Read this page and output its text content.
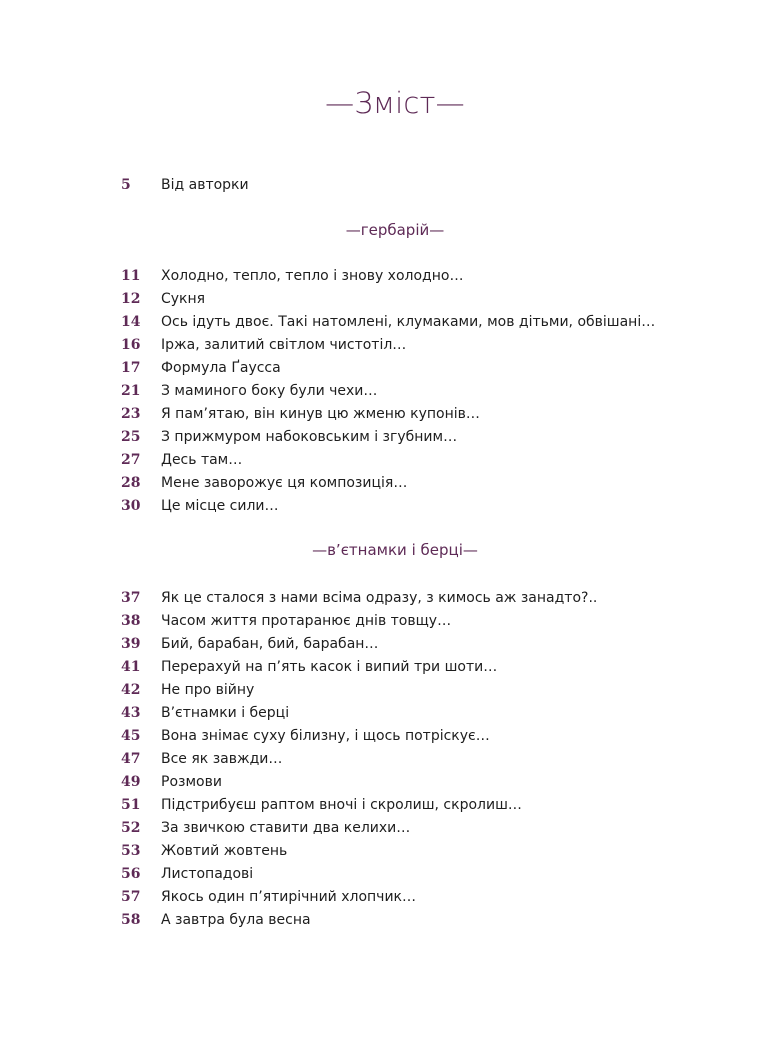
—Зміст—
5	Від авторки
—гербарій—
11	Холодно, тепло, тепло і знову холодно…
12	Сукня
14	Ось ідуть двоє. Такі натомлені, клумаками, мов дітьми, обвішані…
16	Іржа, залитий світлом чистотіл…
17	Формула Ґаусса
21	З маминого боку були чехи…
23	Я пам’ятаю, він кинув цю жменю купонів…
25	З прижмуром набоковським і згубним…
27	Десь там…
28	Мене заворожує ця композиція…
30	Це місце сили…
—в’єтнамки і берці—
37	Як це сталося з нами всіма одразу, з кимось аж занадто?..
38	Часом життя протаранює днів товщу…
39	Бий, барабан, бий, барабан…
41	Перерахуй на п’ять касок і випий три шоти…
42	Не про війну
43	В’єтнамки і берці
45	Вона знімає суху білизну, і щось потріскує…
47	Все як завжди…
49	Розмови
51	Підстрибуєш раптом вночі і скролиш, скролиш…
52	За звичкою ставити два келихи…
53	Жовтий жовтень
56	Листопадові
57	Якось один п’ятирічний хлопчик…
58	А завтра була весна
